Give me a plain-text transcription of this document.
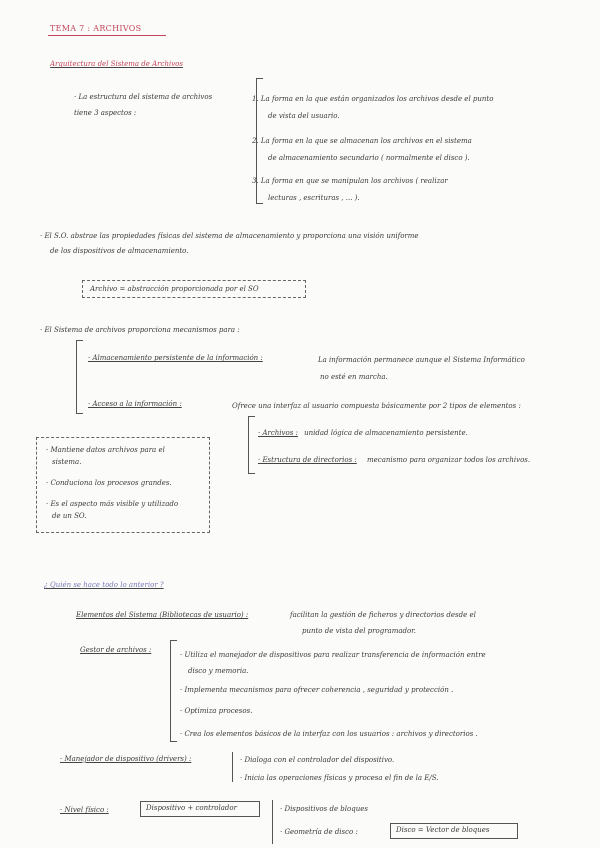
TEMA 7 : ARCHIVOS
Arquitectura del Sistema de Archivos
· La estructura del sistema de archivos
tiene 3 aspectos :
1. La forma en la que están organizados los archivos desde el punto
de vista del usuario.
2. La forma en la que se almacenan los archivos en el sistema
de almacenamiento secundario ( normalmente el disco ).
3. La forma en que se manipulan los archivos ( realizar
lecturas , escrituras , ... ).
· El S.O. abstrae las propiedades físicas del sistema de almacenamiento y proporciona una visión uniforme
de los dispositivos de almacenamiento.
Archivo = abstracción proporcionada por el SO
· El Sistema de archivos proporciona mecanismos para :
· Almacenamiento persistente de la información :	La información permanece aunque el Sistema Informático
no esté en marcha.
· Acceso a la información :	Ofrece una interfaz al usuario compuesta básicamente por 2 tipos de elementos :
· Archivos : unidad lógica de almacenamiento persistente.
· Estructura de directorios : mecanismo para organizar todos los archivos.
· Mantiene datos archivos para el
sistema.
· Conduciona los procesos grandes.
· Es el aspecto más visible y utilizado
de un SO.
¿ Quién se hace todo lo anterior ?
Elementos del Sistema (Bibliotecas de usuario) :	facilitan la gestión de ficheros y directorios desde el
punto de vista del programador.
Gestor de archivos :
· Utiliza el manejador de dispositivos para realizar transferencia de información entre
disco y memoria.
· Implementa mecanismos para ofrecer coherencia , seguridad y protección .
· Optimiza procesos.
· Crea los elementos básicos de la interfaz con los usuarios : archivos y directorios .
· Manejador de dispositivo (drivers) :	· Dialoga con el controlador del dispositivo.
· Inicia las operaciones físicas y procesa el fin de la E/S.
· Nivel físico :	Dispositivo + controlador	· Dispositivos de bloques
· Geometría de disco :	Disco = Vector de bloques
